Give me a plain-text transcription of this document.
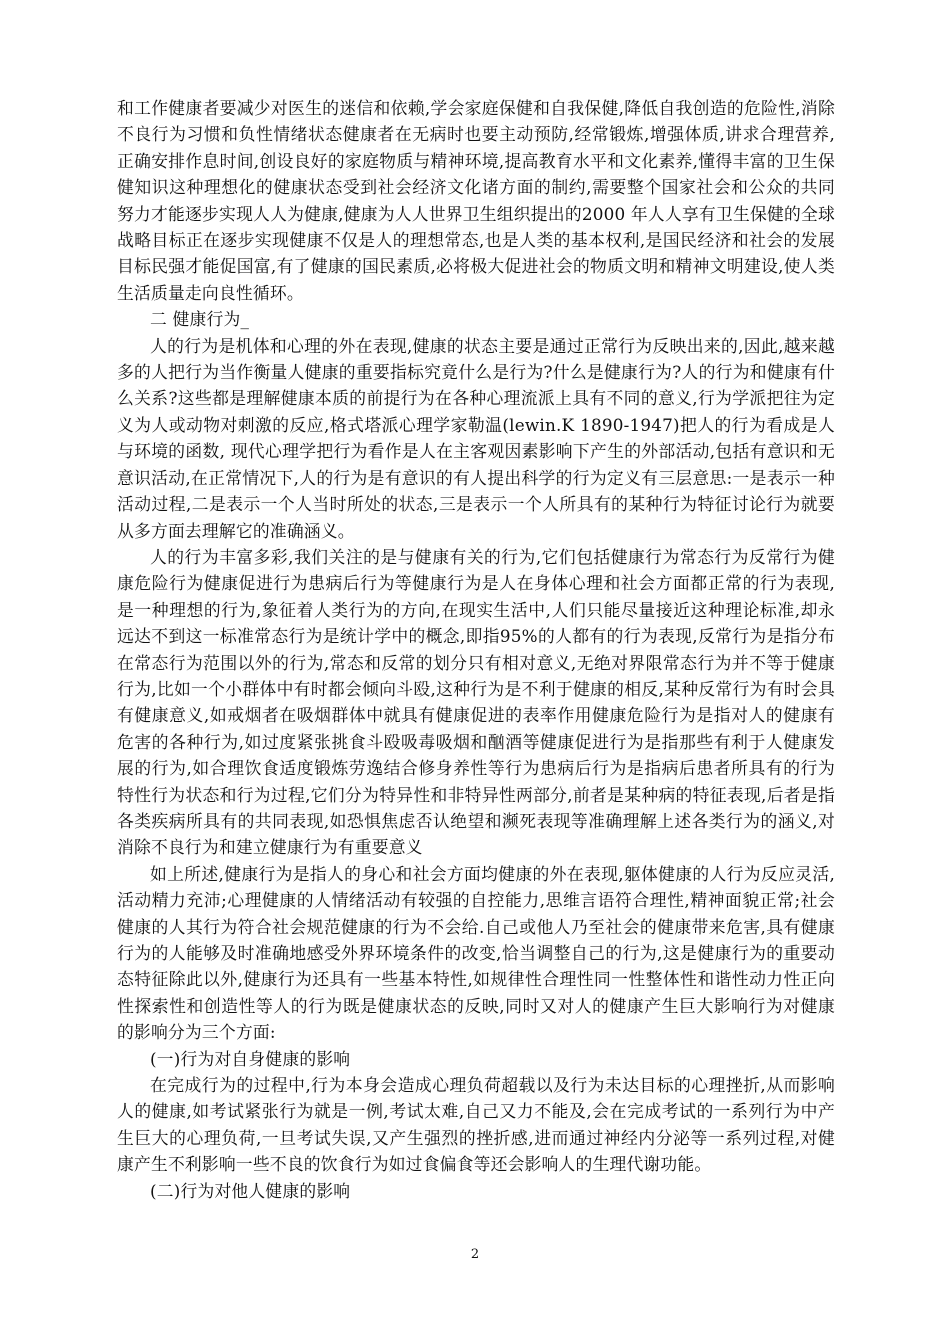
和工作健康者要减少对医生的迷信和依赖,学会家庭保健和自我保健,降低自我创造的危险性,消除不良行为习惯和负性情绪状态健康者在无病时也要主动预防,经常锻炼,增强体质,讲求合理营养,正确安排作息时间,创设良好的家庭物质与精神环境,提高教育水平和文化素养,懂得丰富的卫生保健知识这种理想化的健康状态受到社会经济文化诸方面的制约,需要整个国家社会和公众的共同努力才能逐步实现人人为健康,健康为人人世界卫生组织提出的2000 年人人享有卫生保健的全球战略目标正在逐步实现健康不仅是人的理想常态,也是人类的基本权利,是国民经济和社会的发展目标民强才能促国富,有了健康的国民素质,必将极大促进社会的物质文明和精神文明建设,使人类生活质量走向良性循环。

二 健康行为_

人的行为是机体和心理的外在表现,健康的状态主要是通过正常行为反映出来的,因此,越来越多的人把行为当作衡量人健康的重要指标究竟什么是行为?什么是健康行为?人的行为和健康有什么关系?这些都是理解健康本质的前提行为在各种心理流派上具有不同的意义,行为学派把往为定义为人或动物对刺激的反应,格式塔派心理学家勒温(lewin.K 1890-1947)把人的行为看成是人与环境的函数, 现代心理学把行为看作是人在主客观因素影响下产生的外部活动,包括有意识和无意识活动,在正常情况下,人的行为是有意识的有人提出科学的行为定义有三层意思:一是表示一种活动过程,二是表示一个人当时所处的状态,三是表示一个人所具有的某种行为特征讨论行为就要从多方面去理解它的准确涵义。

人的行为丰富多彩,我们关注的是与健康有关的行为,它们包括健康行为常态行为反常行为健康危险行为健康促进行为患病后行为等健康行为是人在身体心理和社会方面都正常的行为表现,是一种理想的行为,象征着人类行为的方向,在现实生活中,人们只能尽量接近这种理论标准,却永远达不到这一标准常态行为是统计学中的概念,即指95%的人都有的行为表现,反常行为是指分布在常态行为范围以外的行为,常态和反常的划分只有相对意义,无绝对界限常态行为并不等于健康行为,比如一个小群体中有时都会倾向斗殴,这种行为是不利于健康的相反,某种反常行为有时会具有健康意义,如戒烟者在吸烟群体中就具有健康促进的表率作用健康危险行为是指对人的健康有危害的各种行为,如过度紧张挑食斗殴吸毒吸烟和酗酒等健康促进行为是指那些有利于人健康发展的行为,如合理饮食适度锻炼劳逸结合修身养性等行为患病后行为是指病后患者所具有的行为特性行为状态和行为过程,它们分为特异性和非特异性两部分,前者是某种病的特征表现,后者是指各类疾病所具有的共同表现,如恐惧焦虑否认绝望和濒死表现等准确理解上述各类行为的涵义,对消除不良行为和建立健康行为有重要意义

如上所述,健康行为是指人的身心和社会方面均健康的外在表现,躯体健康的人行为反应灵活,活动精力充沛;心理健康的人情绪活动有较强的自控能力,思维言语符合理性,精神面貌正常;社会健康的人其行为符合社会规范健康的行为不会给.自己或他人乃至社会的健康带来危害,具有健康行为的人能够及时准确地感受外界环境条件的改变,恰当调整自己的行为,这是健康行为的重要动态特征除此以外,健康行为还具有一些基本特性,如规律性合理性同一性整体性和谐性动力性正向性探索性和创造性等人的行为既是健康状态的反映,同时又对人的健康产生巨大影响行为对健康的影响分为三个方面:

(一)行为对自身健康的影响

在完成行为的过程中,行为本身会造成心理负荷超载以及行为未达目标的心理挫折,从而影响人的健康,如考试紧张行为就是一例,考试太难,自己又力不能及,会在完成考试的一系列行为中产生巨大的心理负荷,一旦考试失误,又产生强烈的挫折感,进而通过神经内分泌等一系列过程,对健康产生不利影响一些不良的饮食行为如过食偏食等还会影响人的生理代谢功能。

(二)行为对他人健康的影响

2
